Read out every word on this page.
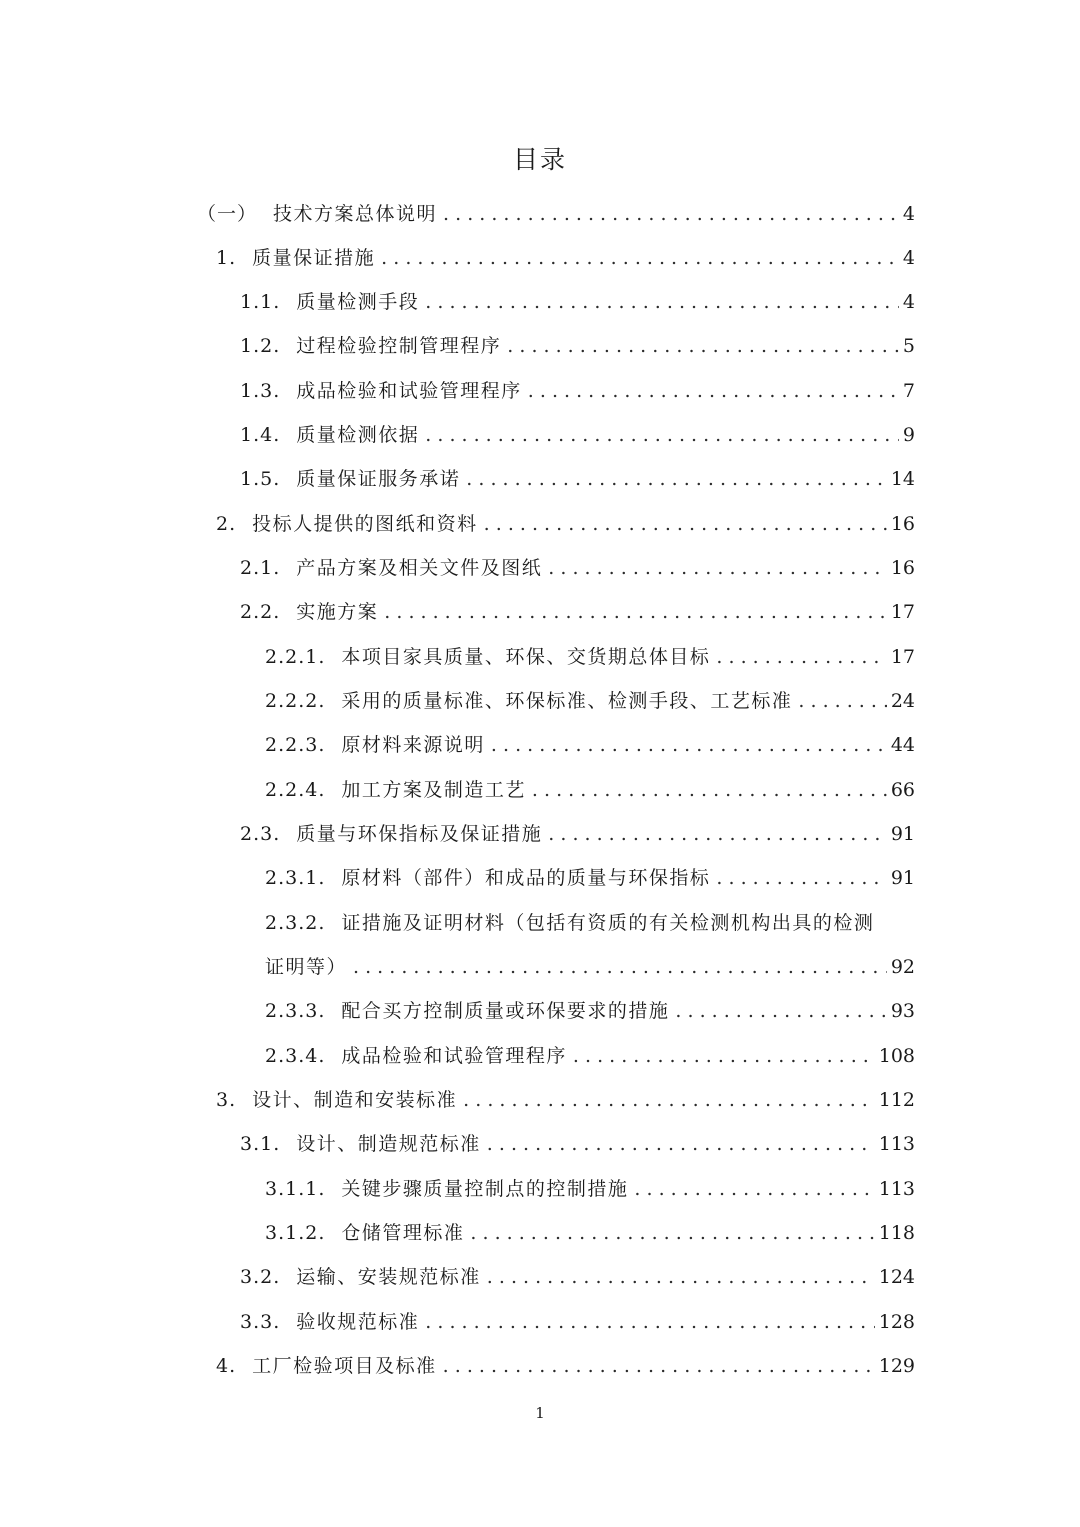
目录
（一） 技术方案总体说明 . . .	4
1. 质量保证措施 . . .	4
1.1. 质量检测手段 . . .	4
1.2. 过程检验控制管理程序 . . .	5
1.3. 成品检验和试验管理程序 . . .	7
1.4. 质量检测依据 . . .	9
1.5. 质量保证服务承诺 . . .	14
2. 投标人提供的图纸和资料 . . .	16
2.1. 产品方案及相关文件及图纸 . . .	16
2.2. 实施方案 . . .	17
2.2.1. 本项目家具质量、环保、交货期总体目标 . . .	17
2.2.2. 采用的质量标准、环保标准、检测手段、工艺标准 . . .	24
2.2.3. 原材料来源说明 . . .	44
2.2.4. 加工方案及制造工艺 . . .	66
2.3. 质量与环保指标及保证措施 . . .	91
2.3.1. 原材料（部件）和成品的质量与环保指标 . . .	91
2.3.2. 证措施及证明材料（包括有资质的有关检测机构出具的检测
证明等） . . .	92
2.3.3. 配合买方控制质量或环保要求的措施 . . .	93
2.3.4. 成品检验和试验管理程序 . . .	108
3. 设计、制造和安装标准 . . .	112
3.1. 设计、制造规范标准 . . .	113
3.1.1. 关键步骤质量控制点的控制措施 . . .	113
3.1.2. 仓储管理标准 . . .	118
3.2. 运输、安装规范标准 . . .	124
3.3. 验收规范标准 . . .	128
4. 工厂检验项目及标准 . . .	129
1
